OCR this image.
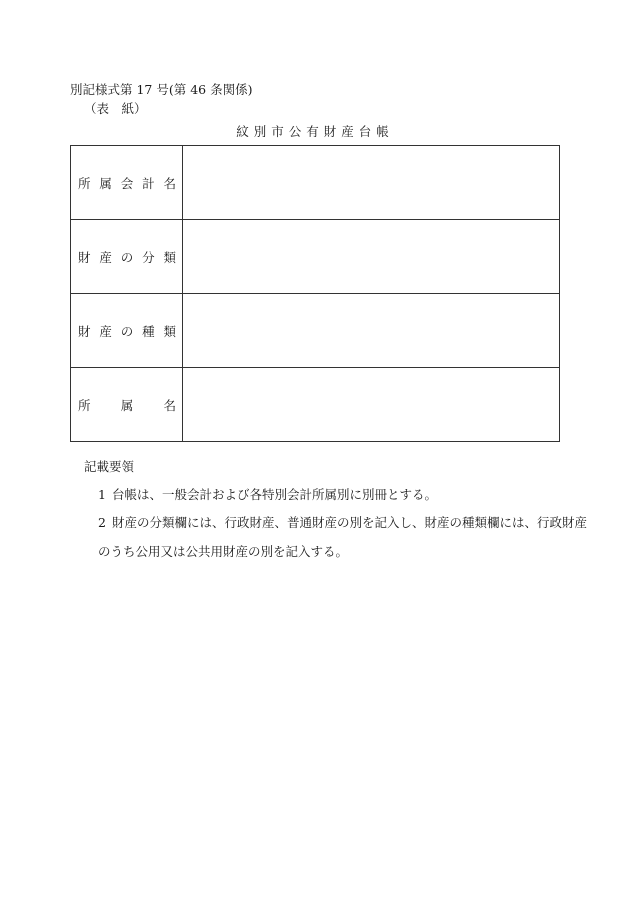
別記様式第 17 号(第 46 条関係)
（表　紙）
紋別市公有財産台帳
所 属 会 計 名	

財 産 の 分 類	

財 産 の 種 類	

所 属 名	

記載要領
1 台帳は、一般会計および各特別会計所属別に別冊とする。
2 財産の分類欄には、行政財産、普通財産の別を記入し、財産の種類欄には、行政財産
のうち公用又は公共用財産の別を記入する。
